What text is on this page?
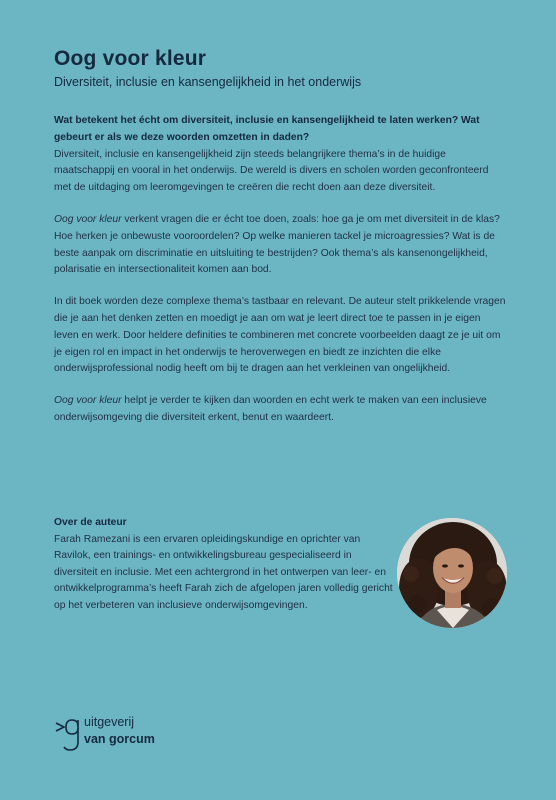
Oog voor kleur
Diversiteit, inclusie en kansengelijkheid in het onderwijs

Wat betekent het écht om diversiteit, inclusie en kansengelijkheid te laten werken? Wat gebeurt er als we deze woorden omzetten in daden?

Diversiteit, inclusie en kansengelijkheid zijn steeds belangrijkere thema’s in de huidige maatschappij en vooral in het onderwijs. De wereld is divers en scholen worden geconfronteerd met de uitdaging om leeromgevingen te creëren die recht doen aan deze diversiteit.

Oog voor kleur verkent vragen die er écht toe doen, zoals: hoe ga je om met diversiteit in de klas? Hoe herken je onbewuste vooroordelen? Op welke manieren tackel je microagressies? Wat is de beste aanpak om discriminatie en uitsluiting te bestrijden? Ook thema’s als kansenongelijkheid, polarisatie en intersectionaliteit komen aan bod.

In dit boek worden deze complexe thema’s tastbaar en relevant. De auteur stelt prikkelende vragen die je aan het denken zetten en moedigt je aan om wat je leert direct toe te passen in je eigen leven en werk. Door heldere definities te combineren met concrete voorbeelden daagt ze je uit om je eigen rol en impact in het onderwijs te heroverwegen en biedt ze inzichten die elke onderwijsprofessional nodig heeft om bij te dragen aan het verkleinen van ongelijkheid.

Oog voor kleur helpt je verder te kijken dan woorden en echt werk te maken van een inclusieve onderwijsomgeving die diversiteit erkent, benut en waardeert.

Over de auteur

Farah Ramezani is een ervaren opleidingskundige en oprichter van Ravilok, een trainings- en ontwikkelingsbureau gespecialiseerd in diversiteit en inclusie. Met een achtergrond in het ontwerpen van leer- en ontwikkelprogramma’s heeft Farah zich de afgelopen jaren volledig gericht op het verbeteren van inclusieve onderwijsomgevingen.

uitgeverij
van gorcum
